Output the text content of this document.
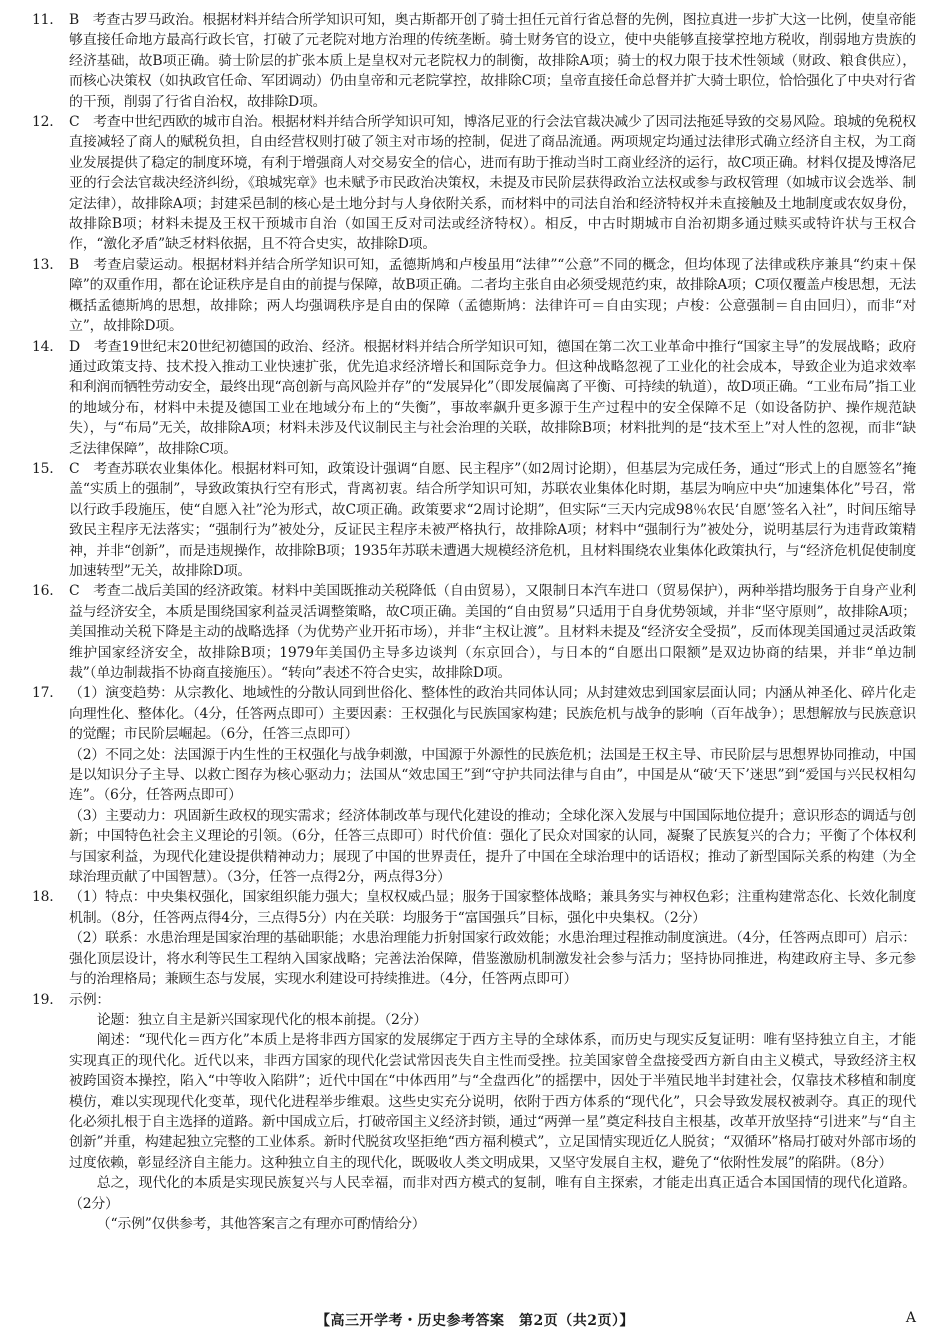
11. B　考查古罗马政治。根据材料并结合所学知识可知，奥古斯都开创了骑士担任元首行省总督的先例，图拉真进一步扩大这一比例，使皇帝能够直接任命地方最高行政长官，打破了元老院对地方治理的传统垄断。骑士财务官的设立，使中央能够直接掌控地方税收，削弱地方贵族的经济基础，故B项正确。骑士阶层的扩张本质上是皇权对元老院权力的制衡，故排除A项；骑士的权力限于技术性领域（财政、粮食供应），而核心决策权（如执政官任命、军团调动）仍由皇帝和元老院掌控，故排除C项；皇帝直接任命总督并扩大骑士职位，恰恰强化了中央对行省的干预，削弱了行省自治权，故排除D项。

12. C　考查中世纪西欧的城市自治。根据材料并结合所学知识可知，博洛尼亚的行会法官裁决减少了因司法拖延导致的交易风险。琅城的免税权直接减轻了商人的赋税负担，自由经营权则打破了领主对市场的控制，促进了商品流通。两项规定均通过法律形式确立经济自主权，为工商业发展提供了稳定的制度环境，有利于增强商人对交易安全的信心，进而有助于推动当时工商业经济的运行，故C项正确。材料仅提及博洛尼亚的行会法官裁决经济纠纷，《琅城宪章》也未赋予市民政治决策权，未提及市民阶层获得政治立法权或参与政权管理（如城市议会选举、制定法律），故排除A项；封建采邑制的核心是土地分封与人身依附关系，而材料中的司法自治和经济特权并未直接触及土地制度或农奴身份，故排除B项；材料未提及王权干预城市自治（如国王反对司法或经济特权）。相反，中古时期城市自治初期多通过赎买或特许状与王权合作，“激化矛盾”缺乏材料依据，且不符合史实，故排除D项。

13. B　考查启蒙运动。根据材料并结合所学知识可知，孟德斯鸠和卢梭虽用“法律”“公意”不同的概念，但均体现了法律或秩序兼具“约束＋保障”的双重作用，都在论证秩序是自由的前提与保障，故B项正确。二者均主张自由必须受规范约束，故排除A项；C项仅覆盖卢梭思想，无法概括孟德斯鸠的思想，故排除；两人均强调秩序是自由的保障（孟德斯鸠：法律许可＝自由实现；卢梭：公意强制＝自由回归），而非“对立”，故排除D项。

14. D　考查19世纪末20世纪初德国的政治、经济。根据材料并结合所学知识可知，德国在第二次工业革命中推行“国家主导”的发展战略；政府通过政策支持、技术投入推动工业快速扩张，优先追求经济增长和国际竞争力。但这种战略忽视了工业化的社会成本，导致企业为追求效率和利润而牺牲劳动安全，最终出现“高创新与高风险并存”的“发展异化”（即发展偏离了平衡、可持续的轨道），故D项正确。“工业布局”指工业的地域分布，材料中未提及德国工业在地域分布上的“失衡”，事故率飙升更多源于生产过程中的安全保障不足（如设备防护、操作规范缺失），与“布局”无关，故排除A项；材料未涉及代议制民主与社会治理的关联，故排除B项；材料批判的是“技术至上”对人性的忽视，而非“缺乏法律保障”，故排除C项。

15. C　考查苏联农业集体化。根据材料可知，政策设计强调“自愿、民主程序”（如2周讨论期），但基层为完成任务，通过“形式上的自愿签名”掩盖“实质上的强制”，导致政策执行空有形式，背离初衷。结合所学知识可知，苏联农业集体化时期，基层为响应中央“加速集体化”号召，常以行政手段施压，使“自愿入社”沦为形式，故C项正确。政策要求“2周讨论期”，但实际“三天内完成98％农民‘自愿’签名入社”，时间压缩导致民主程序无法落实；“强制行为”被处分，反证民主程序未被严格执行，故排除A项；材料中“强制行为”被处分，说明基层行为违背政策精神，并非“创新”，而是违规操作，故排除B项；1935年苏联未遭遇大规模经济危机，且材料围绕农业集体化政策执行，与“经济危机促使制度加速转型”无关，故排除D项。

16. C　考查二战后美国的经济政策。材料中美国既推动关税降低（自由贸易），又限制日本汽车进口（贸易保护），两种举措均服务于自身产业利益与经济安全，本质是围绕国家利益灵活调整策略，故C项正确。美国的“自由贸易”只适用于自身优势领域，并非“坚守原则”，故排除A项；美国推动关税下降是主动的战略选择（为优势产业开拓市场），并非“主权让渡”。且材料未提及“经济安全受损”，反而体现美国通过灵活政策维护国家经济安全，故排除B项；1979年美国仍主导多边谈判（东京回合），与日本的“自愿出口限额”是双边协商的结果，并非“单边制裁”（单边制裁指不协商直接施压）。“转向”表述不符合史实，故排除D项。

17. （1）演变趋势：从宗教化、地域性的分散认同到世俗化、整体性的政治共同体认同；从封建效忠到国家层面认同；内涵从神圣化、碎片化走向理性化、整体化。（4分，任答两点即可）主要因素：王权强化与民族国家构建；民族危机与战争的影响（百年战争）；思想解放与民族意识的觉醒；市民阶层崛起。（6分，任答三点即可）

（2）不同之处：法国源于内生性的王权强化与战争刺激，中国源于外源性的民族危机；法国是王权主导、市民阶层与思想界协同推动，中国是以知识分子主导、以救亡图存为核心驱动力；法国从“效忠国王”到“守护共同法律与自由”，中国是从“破‘天下’迷思”到“爱国与兴民权相勾连”。（6分，任答两点即可）

（3）主要动力：巩固新生政权的现实需求；经济体制改革与现代化建设的推动；全球化深入发展与中国国际地位提升；意识形态的调适与创新；中国特色社会主义理论的引领。（6分，任答三点即可）时代价值：强化了民众对国家的认同，凝聚了民族复兴的合力；平衡了个体权利与国家利益，为现代化建设提供精神动力；展现了中国的世界责任，提升了中国在全球治理中的话语权；推动了新型国际关系的构建（为全球治理贡献了中国智慧）。（3分，任答一点得2分，两点得3分）

18. （1）特点：中央集权强化，国家组织能力强大；皇权权威凸显；服务于国家整体战略；兼具务实与神权色彩；注重构建常态化、长效化制度机制。（8分，任答两点得4分，三点得5分）内在关联：均服务于“富国强兵”目标，强化中央集权。（2分）

（2）联系：水患治理是国家治理的基础职能；水患治理能力折射国家行政效能；水患治理过程推动制度演进。（4分，任答两点即可）启示：强化顶层设计，将水利等民生工程纳入国家战略；完善法治保障，借鉴激励机制激发社会参与活力；坚持协同推进，构建政府主导、多元参与的治理格局；兼顾生态与发展，实现水利建设可持续推进。（4分，任答两点即可）

19. 示例：

论题：独立自主是新兴国家现代化的根本前提。（2分）

阐述：“现代化＝西方化”本质上是将非西方国家的发展绑定于西方主导的全球体系，而历史与现实反复证明：唯有坚持独立自主，才能实现真正的现代化。近代以来，非西方国家的现代化尝试常因丧失自主性而受挫。拉美国家曾全盘接受西方新自由主义模式，导致经济主权被跨国资本操控，陷入“中等收入陷阱”；近代中国在“中体西用”与“全盘西化”的摇摆中，因处于半殖民地半封建社会，仅靠技术移植和制度模仿，难以实现现代化变革，现代化进程举步维艰。这些史实充分说明，依附于西方体系的“现代化”，只会导致发展权被剥夺。真正的现代化必须扎根于自主选择的道路。新中国成立后，打破帝国主义经济封锁，通过“两弹一星”奠定科技自主根基，改革开放坚持“引进来”与“自主创新”并重，构建起独立完整的工业体系。新时代脱贫攻坚拒绝“西方福利模式”，立足国情实现近亿人脱贫；“双循环”格局打破对外部市场的过度依赖，彰显经济自主能力。这种独立自主的现代化，既吸收人类文明成果，又坚守发展自主权，避免了“依附性发展”的陷阱。（8分）

总之，现代化的本质是实现民族复兴与人民幸福，而非对西方模式的复制，唯有自主探索，才能走出真正适合本国国情的现代化道路。（2分）

（“示例”仅供参考，其他答案言之有理亦可酌情给分）

【高三开学考・历史参考答案　第2页（共2页）】	A
